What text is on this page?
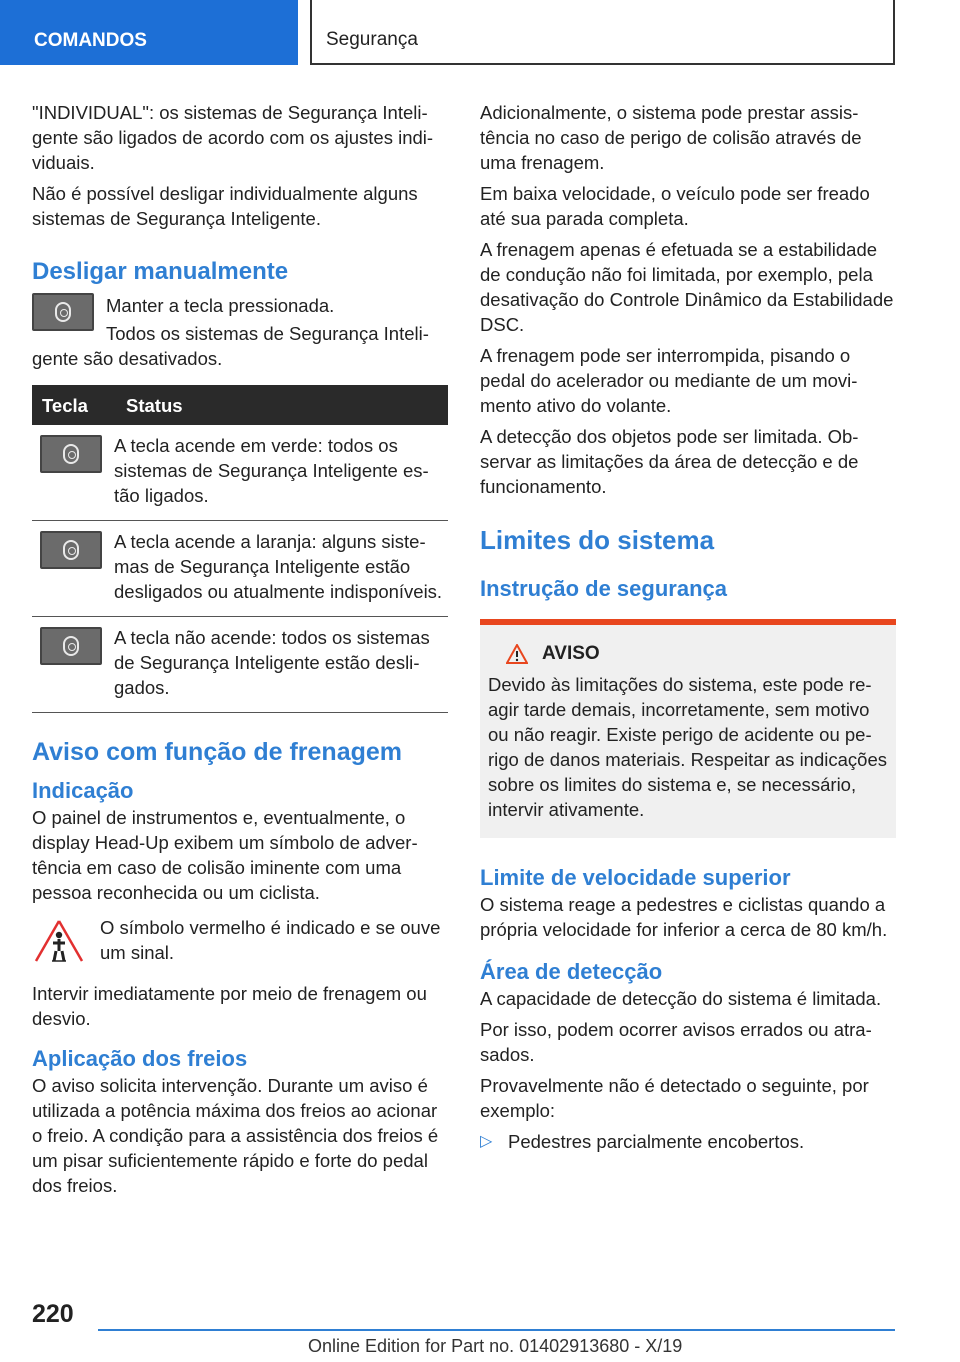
COMANDOS	Segurança

"INDIVIDUAL": os sistemas de Segurança Inteligente são ligados de acordo com os ajustes individuais.

Não é possível desligar individualmente alguns sistemas de Segurança Inteligente.

Desligar manualmente

Manter a tecla pressionada.

Todos os sistemas de Segurança Inteligente são desativados.

Tecla	Status

	A tecla acende em verde: todos os sistemas de Segurança Inteligente estão ligados.

	A tecla acende a laranja: alguns sistemas de Segurança Inteligente estão desligados ou atualmente indisponíveis.

	A tecla não acende: todos os sistemas de Segurança Inteligente estão desligados.
Aviso com função de frenagem
Indicação

O painel de instrumentos e, eventualmente, o display Head-Up exibem um símbolo de advertência em caso de colisão iminente com uma pessoa reconhecida ou um ciclista.

O símbolo vermelho é indicado e se ouve um sinal.

Intervir imediatamente por meio de frenagem ou desvio.

Aplicação dos freios

O aviso solicita intervenção. Durante um aviso é utilizada a potência máxima dos freios ao acionar o freio. A condição para a assistência dos freios é um pisar suficientemente rápido e forte do pedal dos freios.

Adicionalmente, o sistema pode prestar assistência no caso de perigo de colisão através de uma frenagem.

Em baixa velocidade, o veículo pode ser freado até sua parada completa.

A frenagem apenas é efetuada se a estabilidade de condução não foi limitada, por exemplo, pela desativação do Controle Dinâmico da Estabilidade DSC.

A frenagem pode ser interrompida, pisando o pedal do acelerador ou mediante de um movimento ativo do volante.

A detecção dos objetos pode ser limitada. Observar as limitações da área de detecção e de funcionamento.

Limites do sistema
Instrução de segurança
AVISO

Devido às limitações do sistema, este pode reagir tarde demais, incorretamente, sem motivo ou não reagir. Existe perigo de acidente ou perigo de danos materiais. Respeitar as indicações sobre os limites do sistema e, se necessário, intervir ativamente.

Limite de velocidade superior

O sistema reage a pedestres e ciclistas quando a própria velocidade for inferior a cerca de 80 km/h.

Área de detecção

A capacidade de detecção do sistema é limitada.

Por isso, podem ocorrer avisos errados ou atrasados.

Provavelmente não é detectado o seguinte, por exemplo:

▷ Pedestres parcialmente encobertos.
220
Online Edition for Part no. 01402913680 - X/19
